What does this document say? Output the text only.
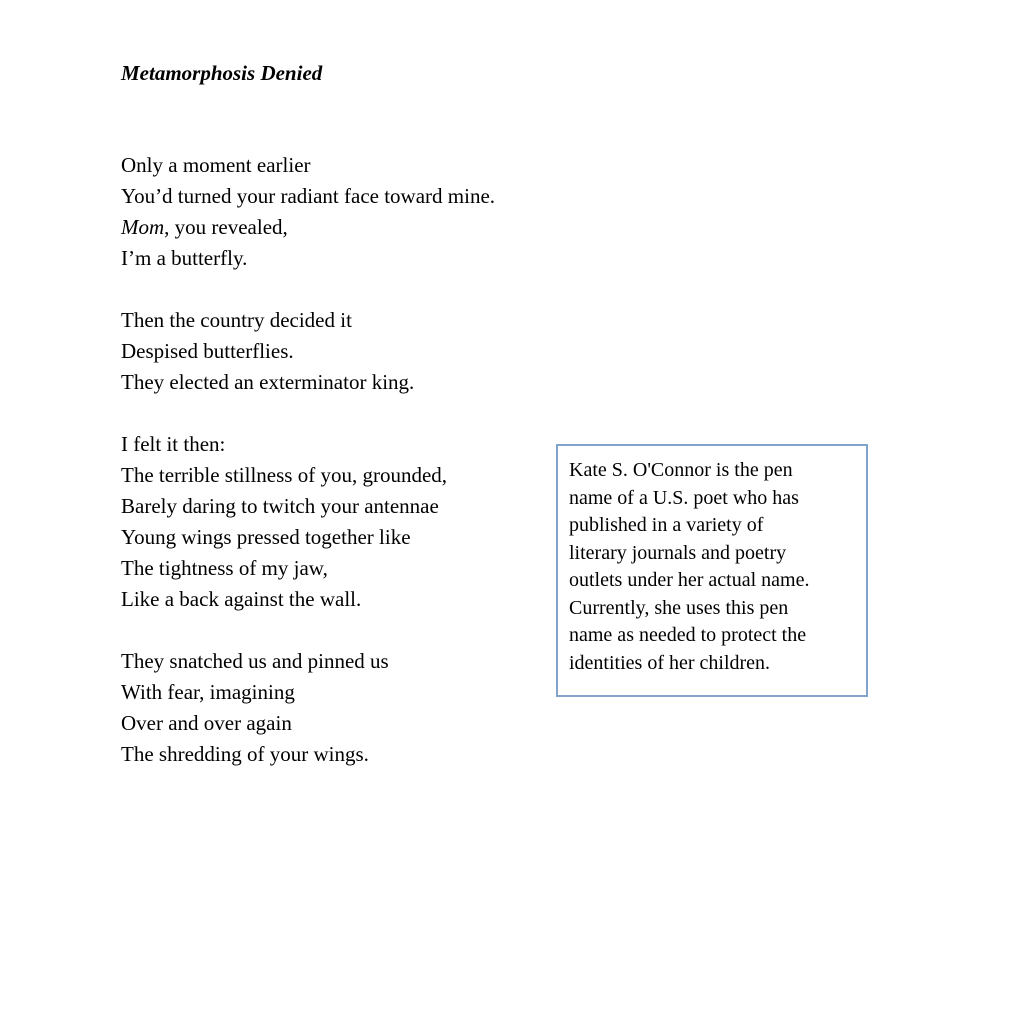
Metamorphosis Denied
Only a moment earlier
You’d turned your radiant face toward mine.
Mom, you revealed,
I’m a butterfly.
Then the country decided it
Despised butterflies.
They elected an exterminator king.
I felt it then:
The terrible stillness of you, grounded,
Barely daring to twitch your antennae
Young wings pressed together like
The tightness of my jaw,
Like a back against the wall.
They snatched us and pinned us
With fear, imagining
Over and over again
The shredding of your wings.
Kate S. O'Connor is the pen
name of a U.S. poet who has
published in a variety of
literary journals and poetry
outlets under her actual name.
Currently, she uses this pen
name as needed to protect the
identities of her children.
